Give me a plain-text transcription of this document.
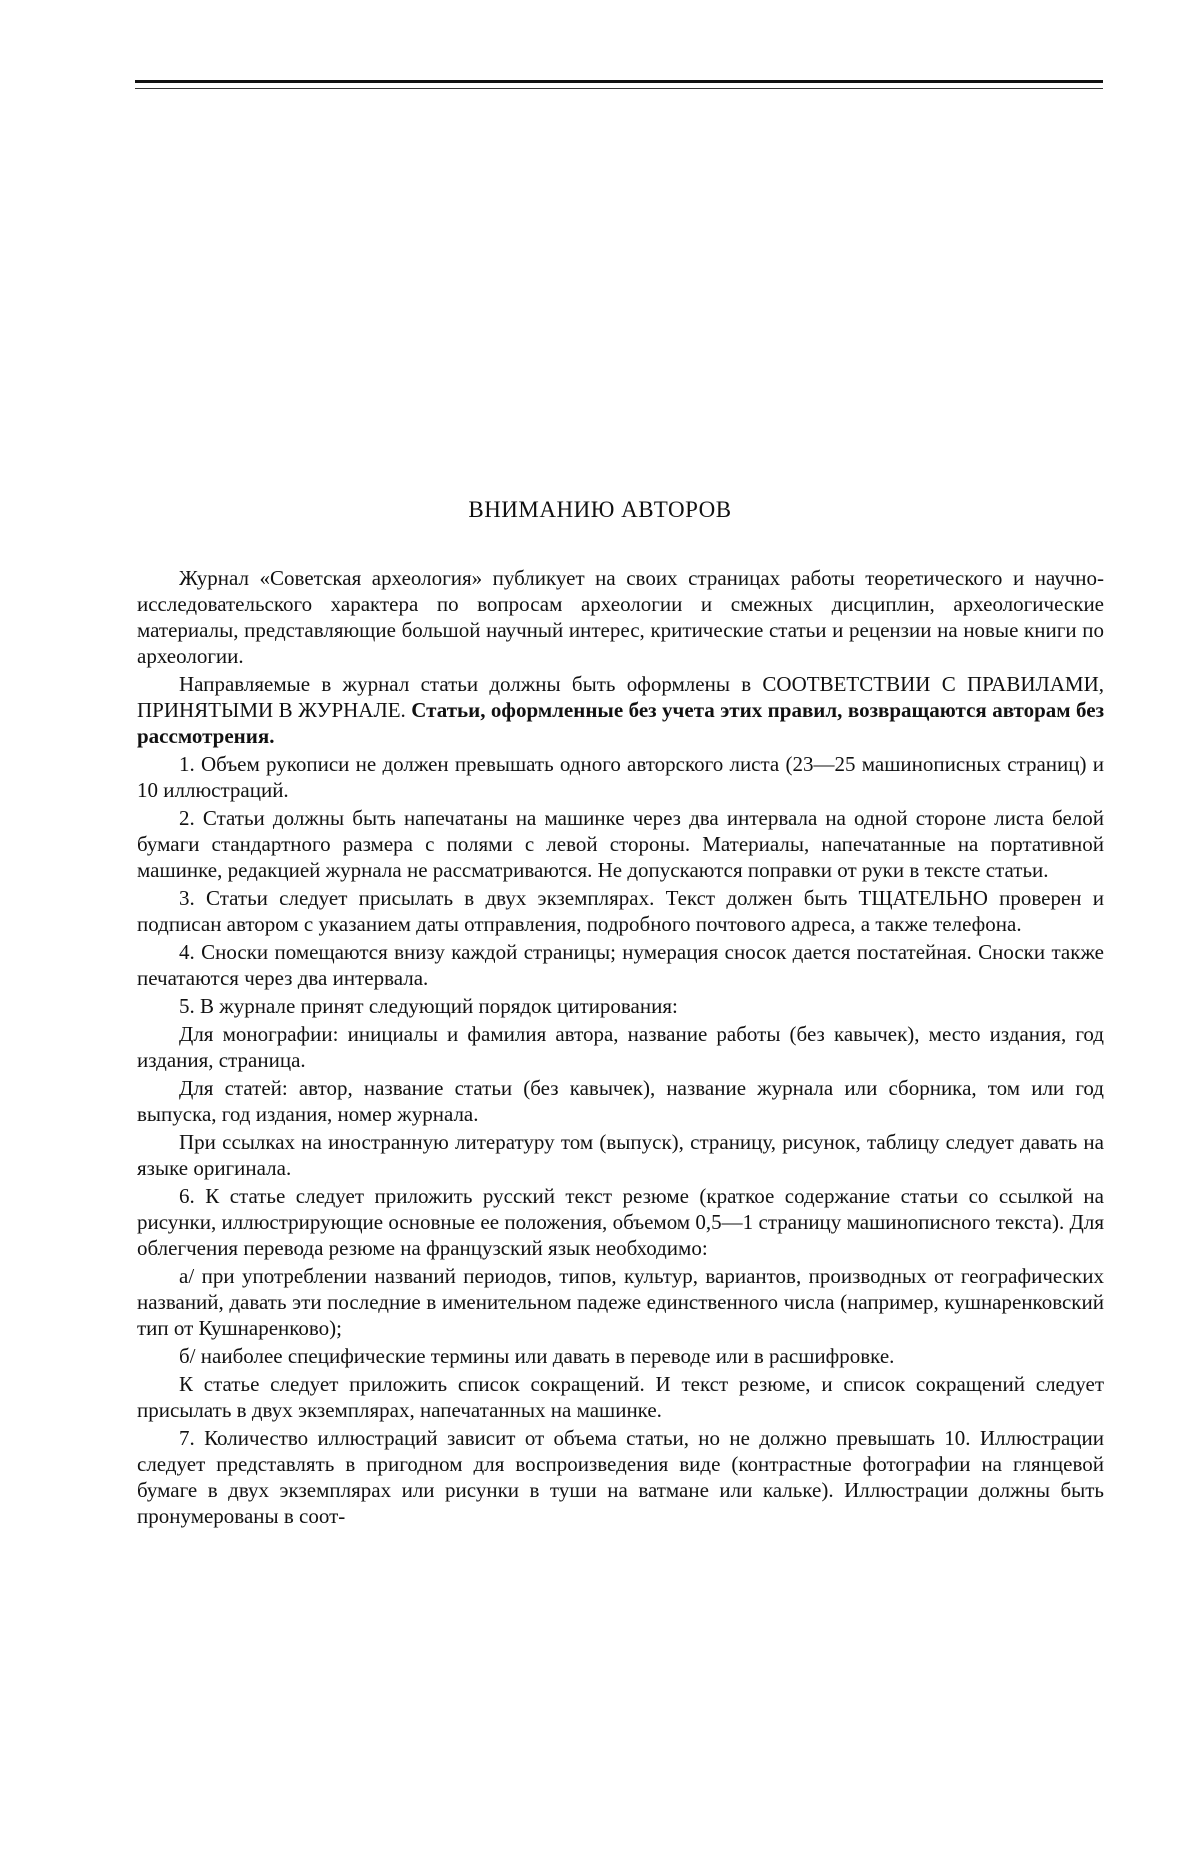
ВНИМАНИЮ АВТОРОВ

Журнал «Советская археология» публикует на своих страницах работы теоретического и научно-исследовательского характера по вопросам археологии и смежных дисциплин, археологические материалы, представляющие большой научный интерес, критические статьи и рецензии на новые книги по археологии.

Направляемые в журнал статьи должны быть оформлены в СООТВЕТСТВИИ С ПРАВИЛАМИ, ПРИНЯТЫМИ В ЖУРНАЛЕ. Статьи, оформленные без учета этих правил, возвращаются авторам без рассмотрения.

1. Объем рукописи не должен превышать одного авторского листа (23—25 машинописных страниц) и 10 иллюстраций.

2. Статьи должны быть напечатаны на машинке через два интервала на одной стороне листа белой бумаги стандартного размера с полями с левой стороны. Материалы, напечатанные на портативной машинке, редакцией журнала не рассматриваются. Не допускаются поправки от руки в тексте статьи.

3. Статьи следует присылать в двух экземплярах. Текст должен быть ТЩАТЕЛЬНО проверен и подписан автором с указанием даты отправления, подробного почтового адреса, а также телефона.

4. Сноски помещаются внизу каждой страницы; нумерация сносок дается постатейная. Сноски также печатаются через два интервала.

5. В журнале принят следующий порядок цитирования:

Для монографии: инициалы и фамилия автора, название работы (без кавычек), место издания, год издания, страница.

Для статей: автор, название статьи (без кавычек), название журнала или сборника, том или год выпуска, год издания, номер журнала.

При ссылках на иностранную литературу том (выпуск), страницу, рисунок, таблицу следует давать на языке оригинала.

6. К статье следует приложить русский текст резюме (краткое содержание статьи со ссылкой на рисунки, иллюстрирующие основные ее положения, объемом 0,5—1 страницу машинописного текста). Для облегчения перевода резюме на французский язык необходимо:

а/ при употреблении названий периодов, типов, культур, вариантов, производных от географических названий, давать эти последние в именительном падеже единственного числа (например, кушнаренковский тип от Кушнаренково);

б/ наиболее специфические термины или давать в переводе или в расшифровке.

К статье следует приложить список сокращений. И текст резюме, и список сокращений следует присылать в двух экземплярах, напечатанных на машинке.

7. Количество иллюстраций зависит от объема статьи, но не должно превышать 10. Иллюстрации следует представлять в пригодном для воспроизведения виде (контрастные фотографии на глянцевой бумаге в двух экземплярах или рисунки в туши на ватмане или кальке). Иллюстрации должны быть пронумерованы в соот-
